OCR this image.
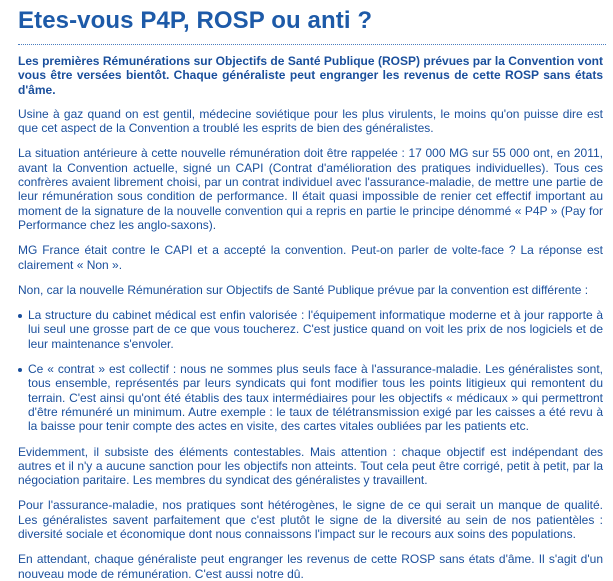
Etes-vous P4P, ROSP ou anti ?

Les premières Rémunérations sur Objectifs de Santé Publique (ROSP) prévues par la Convention vont vous être versées bientôt. Chaque généraliste peut engranger les revenus de cette ROSP sans états d'âme.

Usine à gaz quand on est gentil, médecine soviétique pour les plus virulents, le moins qu'on puisse dire est que cet aspect de la Convention a troublé les esprits de bien des généralistes.

La situation antérieure à cette nouvelle rémunération doit être rappelée : 17 000 MG sur 55 000 ont, en 2011, avant la Convention actuelle, signé un CAPI (Contrat d'amélioration des pratiques individuelles). Tous ces confrères avaient librement choisi, par un contrat individuel avec l'assurance-maladie, de mettre une partie de leur rémunération sous condition de performance. Il était quasi impossible de renier cet effectif important au moment de la signature de la nouvelle convention qui a repris en partie le principe dénommé « P4P » (Pay for Performance chez les anglo-saxons).

MG France était contre le CAPI et a accepté la convention. Peut-on parler de volte-face ? La réponse est clairement « Non ».

Non, car la nouvelle Rémunération sur Objectifs de Santé Publique prévue par la convention est différente :

La structure du cabinet médical est enfin valorisée : l'équipement informatique moderne et à jour rapporte à lui seul une grosse part de ce que vous toucherez. C'est justice quand on voit les prix de nos logiciels et de leur maintenance s'envoler.

Ce « contrat » est collectif : nous ne sommes plus seuls face à l'assurance-maladie. Les généralistes sont, tous ensemble, représentés par leurs syndicats qui font modifier tous les points litigieux qui remontent du terrain. C'est ainsi qu'ont été établis des taux intermédiaires pour les objectifs « médicaux » qui permettront d'être rémunéré un minimum. Autre exemple : le taux de télétransmission exigé par les caisses a été revu à la baisse pour tenir compte des actes en visite, des cartes vitales oubliées par les patients etc.

Evidemment, il subsiste des éléments contestables. Mais attention : chaque objectif est indépendant des autres et il n'y a aucune sanction pour les objectifs non atteints. Tout cela peut être corrigé, petit à petit, par la négociation paritaire. Les membres du syndicat des généralistes y travaillent.

Pour l'assurance-maladie, nos pratiques sont hétérogènes, le signe de ce qui serait un manque de qualité. Les généralistes savent parfaitement que c'est plutôt le signe de la diversité au sein de nos patientèles : diversité sociale et économique dont nous connaissons l'impact sur le recours aux soins des populations.

En attendant, chaque généraliste peut engranger les revenus de cette ROSP sans états d'âme. Il s'agit d'un nouveau mode de rémunération. C'est aussi notre dû.
